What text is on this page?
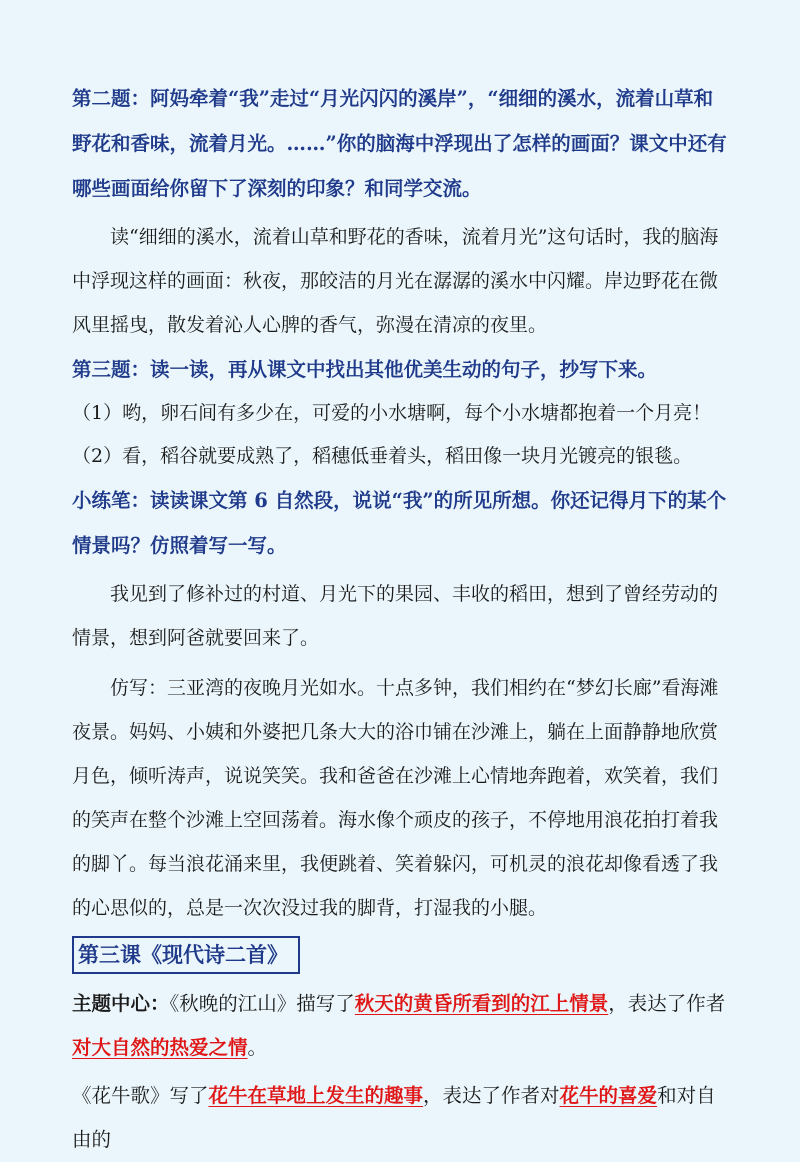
第二题：阿妈牵着“我”走过“月光闪闪的溪岸”，“细细的溪水，流着山草和野花和香味，流着月光。……”你的脑海中浮现出了怎样的画面？课文中还有哪些画面给你留下了深刻的印象？和同学交流。

读“细细的溪水，流着山草和野花的香味，流着月光”这句话时，我的脑海中浮现这样的画面：秋夜，那皎洁的月光在潺潺的溪水中闪耀。岸边野花在微风里摇曳，散发着沁人心脾的香气，弥漫在清凉的夜里。

第三题：读一读，再从课文中找出其他优美生动的句子，抄写下来。

（1）哟，卵石间有多少在，可爱的小水塘啊，每个小水塘都抱着一个月亮！

（2）看，稻谷就要成熟了，稻穗低垂着头，稻田像一块月光镀亮的银毯。

小练笔：读读课文第 6 自然段，说说“我”的所见所想。你还记得月下的某个情景吗？仿照着写一写。

我见到了修补过的村道、月光下的果园、丰收的稻田，想到了曾经劳动的情景，想到阿爸就要回来了。

仿写：三亚湾的夜晚月光如水。十点多钟，我们相约在“梦幻长廊”看海滩夜景。妈妈、小姨和外婆把几条大大的浴巾铺在沙滩上，躺在上面静静地欣赏月色，倾听涛声，说说笑笑。我和爸爸在沙滩上心情地奔跑着，欢笑着，我们的笑声在整个沙滩上空回荡着。海水像个顽皮的孩子，不停地用浪花拍打着我的脚丫。每当浪花涌来里，我便跳着、笑着躲闪，可机灵的浪花却像看透了我的心思似的，总是一次次没过我的脚背，打湿我的小腿。

第三课《现代诗二首》

主题中心：《秋晚的江山》描写了秋天的黄昏所看到的江上情景，表达了作者对大自然的热爱之情。

《花牛歌》写了花牛在草地上发生的趣事，表达了作者对花牛的喜爱和对自由的
